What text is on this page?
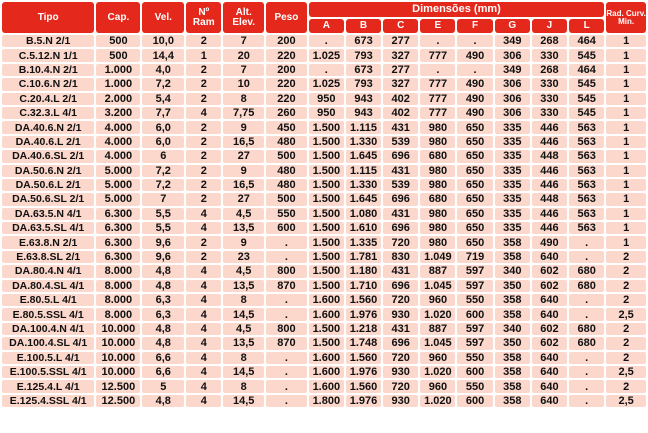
Tipo	Cap.	Vel.	Nº Ram	Alt. Elev.	Peso	Dimensões (mm)								Rad. Curv. Min.
						A	B	C	E	F	G	J	L	
B.5.N 2/1	500	10,0	2	7	200	.	673	277	.	.	349	268	464	1
C.5.12.N 1/1	500	14,4	1	20	220	1.025	793	327	777	490	306	330	545	1
B.10.4.N 2/1	1.000	4,0	2	7	200	.	673	277	.	.	349	268	464	1
C.10.6.N 2/1	1.000	7,2	2	10	220	1.025	793	327	777	490	306	330	545	1
C.20.4.L 2/1	2.000	5,4	2	8	220	950	943	402	777	490	306	330	545	1
C.32.3.L 4/1	3.200	7,7	4	7,75	260	950	943	402	777	490	306	330	545	1
DA.40.6.N 2/1	4.000	6,0	2	9	450	1.500	1.115	431	980	650	335	446	563	1
DA.40.6.L 2/1	4.000	6,0	2	16,5	480	1.500	1.330	539	980	650	335	446	563	1
DA.40.6.SL 2/1	4.000	6	2	27	500	1.500	1.645	696	680	650	335	448	563	1
DA.50.6.N 2/1	5.000	7,2	2	9	480	1.500	1.115	431	980	650	335	446	563	1
DA.50.6.L 2/1	5.000	7,2	2	16,5	480	1.500	1.330	539	980	650	335	446	563	1
DA.50.6.SL 2/1	5.000	7	2	27	500	1.500	1.645	696	680	650	335	448	563	1
DA.63.5.N 4/1	6.300	5,5	4	4,5	550	1.500	1.080	431	980	650	335	446	563	1
DA.63.5.SL 4/1	6.300	5,5	4	13,5	600	1.500	1.610	696	980	650	335	446	563	1
E.63.8.N 2/1	6.300	9,6	2	9	.	1.500	1.335	720	980	650	358	490	.	1
E.63.8.SL 2/1	6.300	9,6	2	23	.	1.500	1.781	830	1.049	719	358	640	.	2
DA.80.4.N 4/1	8.000	4,8	4	4,5	800	1.500	1.180	431	887	597	340	602	680	2
DA.80.4.SL 4/1	8.000	4,8	4	13,5	870	1.500	1.710	696	1.045	597	350	602	680	2
E.80.5.L 4/1	8.000	6,3	4	8	.	1.600	1.560	720	960	550	358	640	.	2
E.80.5.SSL 4/1	8.000	6,3	4	14,5	.	1.600	1.976	930	1.020	600	358	640	.	2,5
DA.100.4.N 4/1	10.000	4,8	4	4,5	800	1.500	1.218	431	887	597	340	602	680	2
DA.100.4.SL 4/1	10.000	4,8	4	13,5	870	1.500	1.748	696	1.045	597	350	602	680	2
E.100.5.L 4/1	10.000	6,6	4	8	.	1.600	1.560	720	960	550	358	640	.	2
E.100.5.SSL 4/1	10.000	6,6	4	14,5	.	1.600	1.976	930	1.020	600	358	640	.	2,5
E.125.4.L 4/1	12.500	5	4	8	.	1.600	1.560	720	960	550	358	640	.	2
E.125.4.SSL 4/1	12.500	4,8	4	14,5	.	1.800	1.976	930	1.020	600	358	640	.	2,5
